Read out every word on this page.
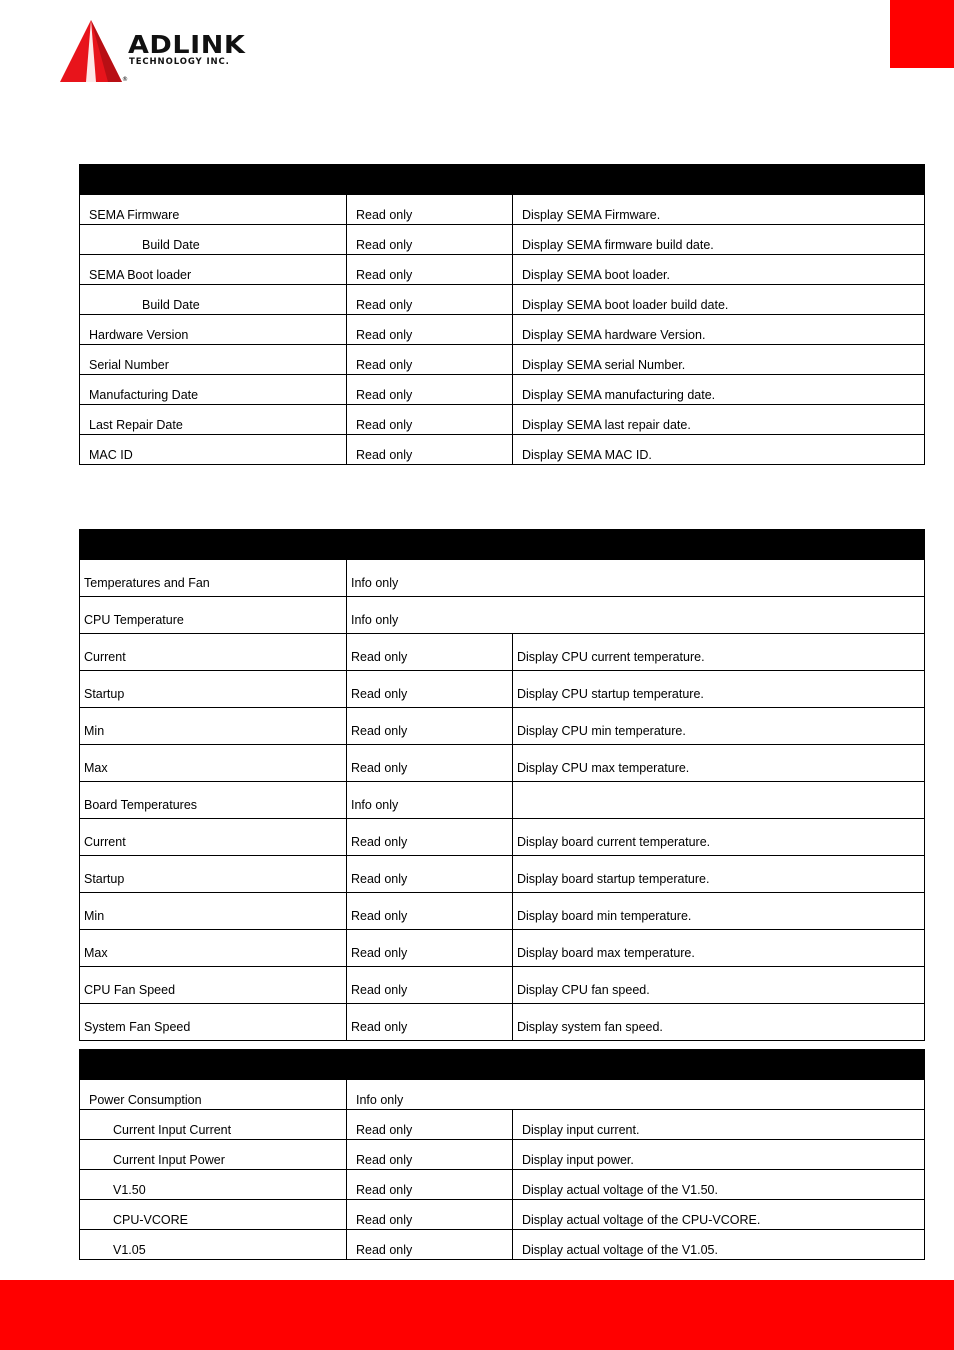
ADLINK
TECHNOLOGY INC.
®

SEMA Firmware	Read only	Display SEMA Firmware.
Build Date	Read only	Display SEMA firmware build date.
SEMA Boot loader	Read only	Display SEMA boot loader.
Build Date	Read only	Display SEMA boot loader build date.
Hardware Version	Read only	Display SEMA hardware Version.
Serial Number	Read only	Display SEMA serial Number.
Manufacturing Date	Read only	Display SEMA manufacturing date.
Last Repair Date	Read only	Display SEMA last repair date.
MAC ID	Read only	Display SEMA MAC ID.

Temperatures and Fan	Info only	
CPU Temperature	Info only	
Current	Read only	Display CPU current temperature.
Startup	Read only	Display CPU startup temperature.
Min	Read only	Display CPU min temperature.
Max	Read only	Display CPU max temperature.
Board Temperatures	Info only	
Current	Read only	Display board current temperature.
Startup	Read only	Display board startup temperature.
Min	Read only	Display board min temperature.
Max	Read only	Display board max temperature.
CPU Fan Speed	Read only	Display CPU fan speed.
System Fan Speed	Read only	Display system fan speed.

Power Consumption	Info only	
Current Input Current	Read only	Display input current.
Current Input Power	Read only	Display input power.
V1.50	Read only	Display actual voltage of the V1.50.
CPU-VCORE	Read only	Display actual voltage of the CPU-VCORE.
V1.05	Read only	Display actual voltage of the V1.05.
